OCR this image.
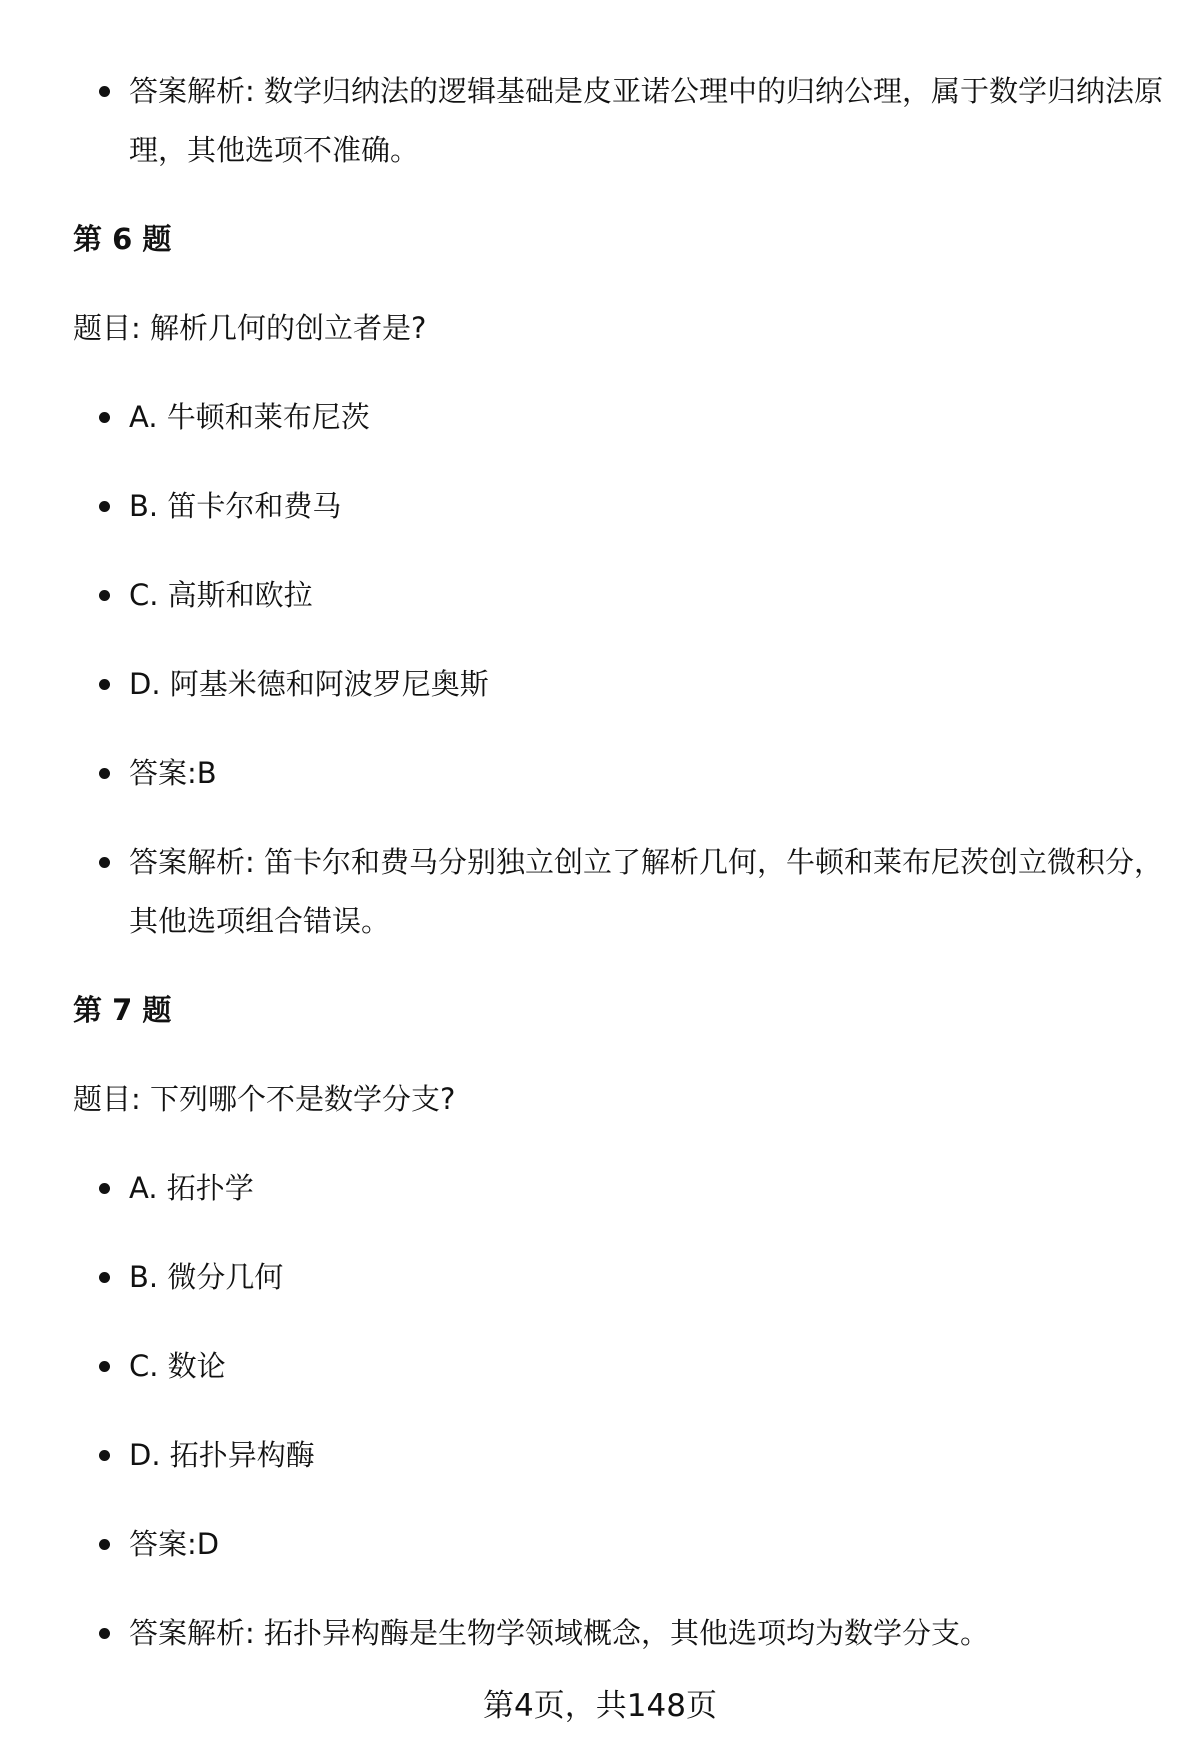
答案解析: 数学归纳法的逻辑基础是皮亚诺公理中的归纳公理，属于数学归纳法原理，其他选项不准确。
第 6 题
题目: 解析几何的创立者是?
A. 牛顿和莱布尼茨
B. 笛卡尔和费马
C. 高斯和欧拉
D. 阿基米德和阿波罗尼奥斯
答案:B
答案解析: 笛卡尔和费马分别独立创立了解析几何，牛顿和莱布尼茨创立微积分，其他选项组合错误。
第 7 题
题目: 下列哪个不是数学分支?
A. 拓扑学
B. 微分几何
C. 数论
D. 拓扑异构酶
答案:D
答案解析: 拓扑异构酶是生物学领域概念，其他选项均为数学分支。
第4页，共148页
